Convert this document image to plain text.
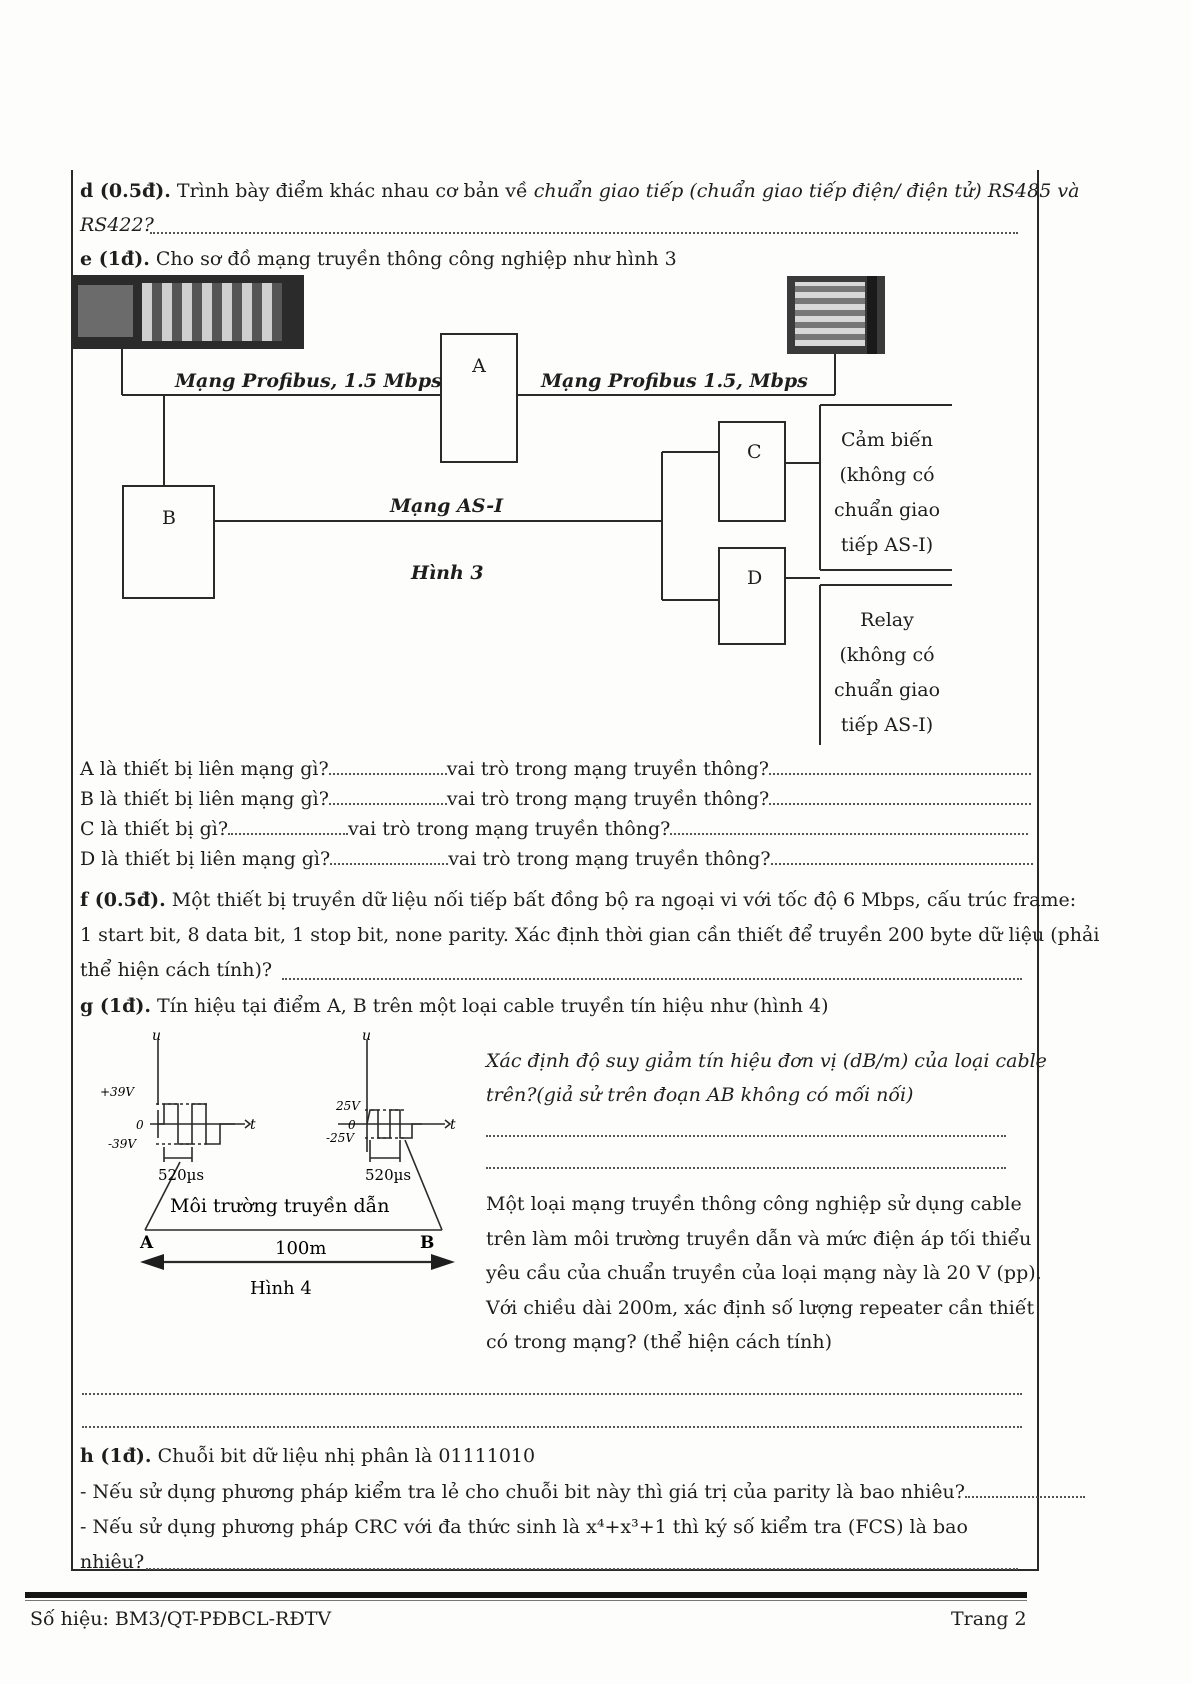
d (0.5đ). Trình bày điểm khác nhau cơ bản về chuẩn giao tiếp (chuẩn giao tiếp điện/ điện tử) RS485 và
RS422?
e (1đ). Cho sơ đồ mạng truyền thông công nghiệp như hình 3
A
B
C
D
Mạng Profibus, 1.5 Mbps	Mạng Profibus 1.5, Mbps
Mạng AS-I
Hình 3
Cảm biến
(không có
chuẩn giao
tiếp AS-I)
Relay
(không có
chuẩn giao
tiếp AS-I)
A là thiết bị liên mạng gì?	vai trò trong mạng truyền thông?
B là thiết bị liên mạng gì?	vai trò trong mạng truyền thông?
C là thiết bị gì?	vai trò trong mạng truyền thông?
D là thiết bị liên mạng gì?	vai trò trong mạng truyền thông?
f (0.5đ). Một thiết bị truyền dữ liệu nối tiếp bất đồng bộ ra ngoại vi với tốc độ 6 Mbps, cấu trúc frame:
1 start bit, 8 data bit, 1 stop bit, none parity. Xác định thời gian cần thiết để truyền 200 byte dữ liệu (phải
thể hiện cách tính)?
g (1đ). Tín hiệu tại điểm A, B trên một loại cable truyền tín hiệu như (hình 4)
u
t
+39V
0
-39V
u
t
25V
0
-25V
520µs	520µs
Môi trường truyền dẫn
A	B
100m
Hình 4
Xác định độ suy giảm tín hiệu đơn vị (dB/m) của loại cable
trên?(giả sử trên đoạn AB không có mối nối)
Một loại mạng truyền thông công nghiệp sử dụng cable
trên làm môi trường truyền dẫn và mức điện áp tối thiểu
yêu cầu của chuẩn truyền của loại mạng này là 20 V (pp).
Với chiều dài 200m, xác định số lượng repeater cần thiết
có trong mạng? (thể hiện cách tính)
h (1đ). Chuỗi bit dữ liệu nhị phân là 01111010
- Nếu sử dụng phương pháp kiểm tra lẻ cho chuỗi bit này thì giá trị của parity là bao nhiêu?
- Nếu sử dụng phương pháp CRC với đa thức sinh là x⁴+x³+1 thì ký số kiểm tra (FCS) là bao
nhiêu?
Số hiệu: BM3/QT-PĐBCL-RĐTV	Trang 2
